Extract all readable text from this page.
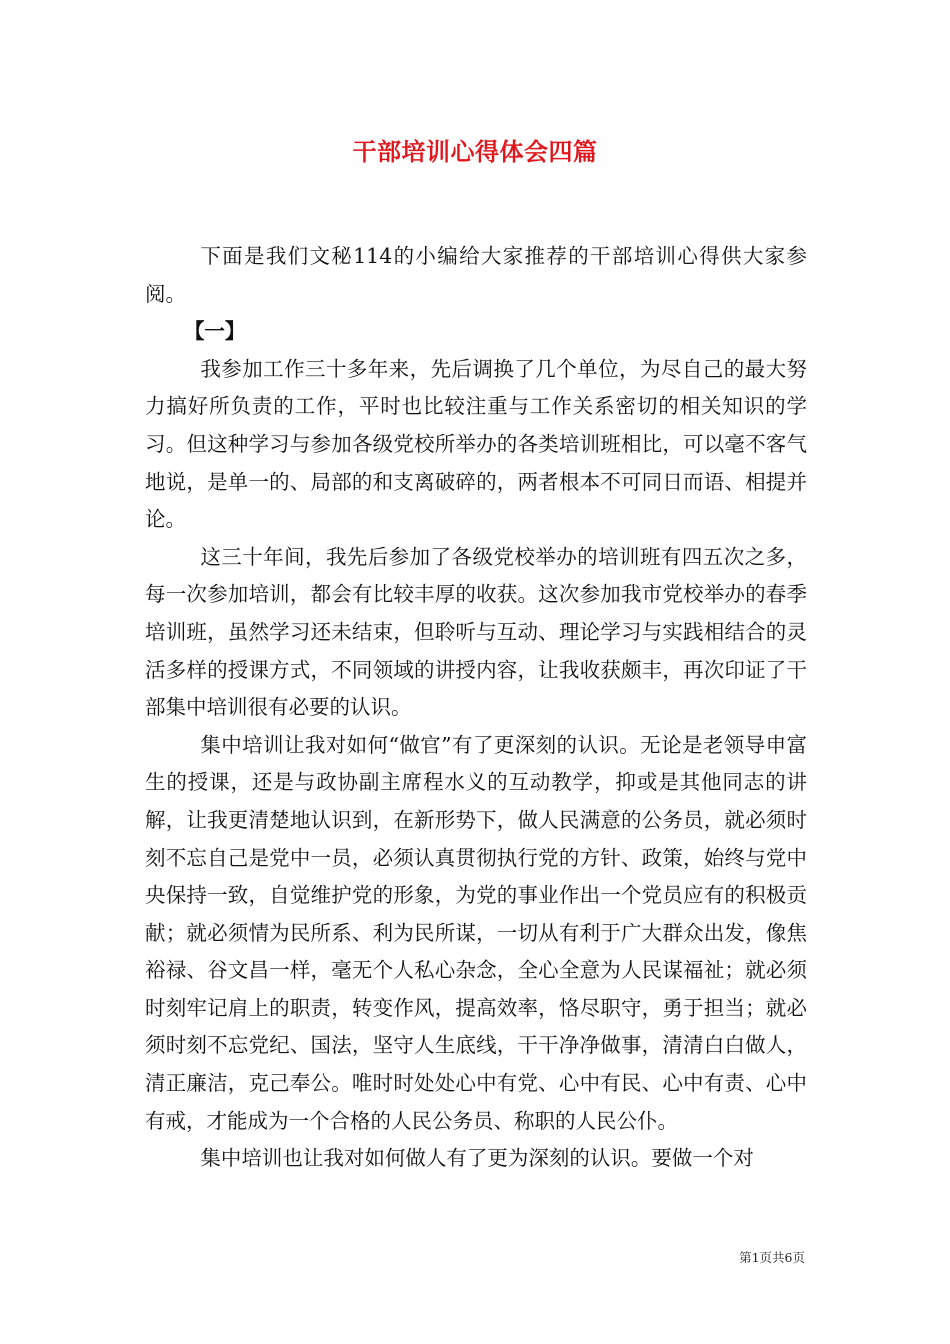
干部培训心得体会四篇

下面是我们文秘114的小编给大家推荐的干部培训心得供大家参阅。

【一】

我参加工作三十多年来，先后调换了几个单位，为尽自己的最大努力搞好所负责的工作，平时也比较注重与工作关系密切的相关知识的学习。但这种学习与参加各级党校所举办的各类培训班相比，可以毫不客气地说，是单一的、局部的和支离破碎的，两者根本不可同日而语、相提并论。

这三十年间，我先后参加了各级党校举办的培训班有四五次之多，每一次参加培训，都会有比较丰厚的收获。这次参加我市党校举办的春季培训班，虽然学习还未结束，但聆听与互动、理论学习与实践相结合的灵活多样的授课方式，不同领域的讲授内容，让我收获颇丰，再次印证了干部集中培训很有必要的认识。

集中培训让我对如何“做官”有了更深刻的认识。无论是老领导申富生的授课，还是与政协副主席程水义的互动教学，抑或是其他同志的讲解，让我更清楚地认识到，在新形势下，做人民满意的公务员，就必须时刻不忘自己是党中一员，必须认真贯彻执行党的方针、政策，始终与党中央保持一致，自觉维护党的形象，为党的事业作出一个党员应有的积极贡献；就必须情为民所系、利为民所谋，一切从有利于广大群众出发，像焦裕禄、谷文昌一样，毫无个人私心杂念，全心全意为人民谋福祉；就必须时刻牢记肩上的职责，转变作风，提高效率，恪尽职守，勇于担当；就必须时刻不忘党纪、国法，坚守人生底线，干干净净做事，清清白白做人，清正廉洁，克己奉公。唯时时处处心中有党、心中有民、心中有责、心中有戒，才能成为一个合格的人民公务员、称职的人民公仆。

集中培训也让我对如何做人有了更为深刻的认识。要做一个对

第1页共6页
